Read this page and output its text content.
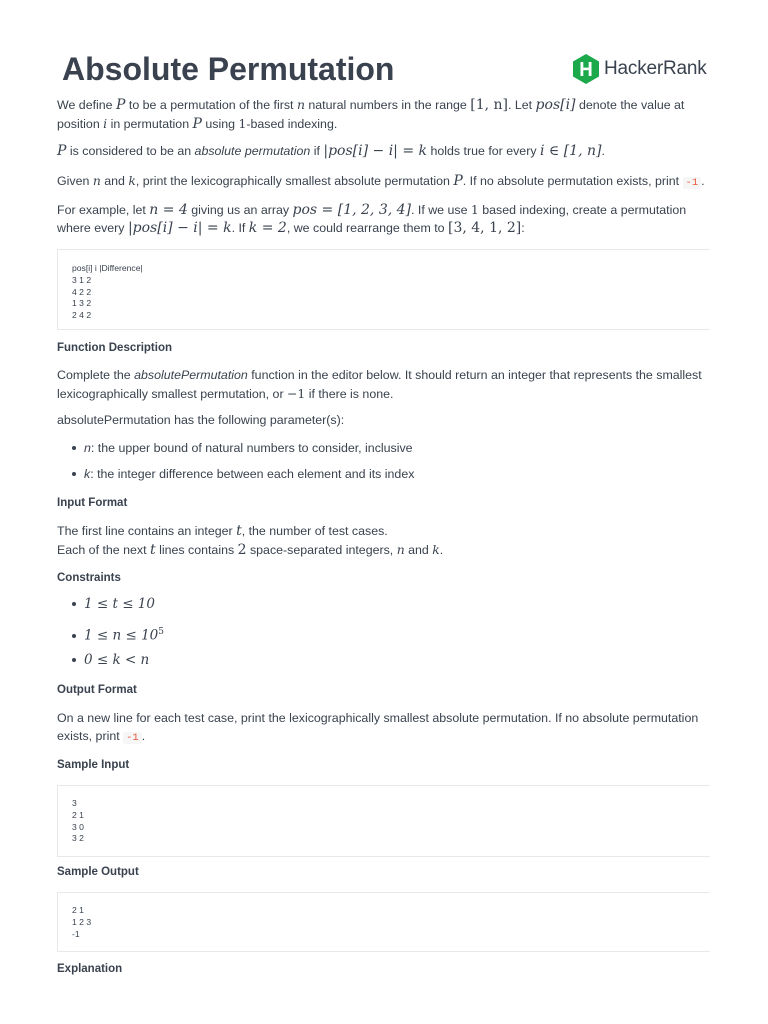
Absolute Permutation	HackerRank

We define P to be a permutation of the first n natural numbers in the range [1, n]. Let pos[i] denote the value at position i in permutation P using 1-based indexing.

P is considered to be an absolute permutation if |pos[i] − i| = k holds true for every i ∈ [1, n].

Given n and k, print the lexicographically smallest absolute permutation P. If no absolute permutation exists, print -1 .

For example, let n = 4 giving us an array pos = [1, 2, 3, 4]. If we use 1 based indexing, create a permutation where every |pos[i] − i| = k. If k = 2, we could rearrange them to [3, 4, 1, 2]:

pos[i] i |Difference|
3 1 2
4 2 2
1 3 2
2 4 2

Function Description

Complete the absolutePermutation function in the editor below. It should return an integer that represents the smallest lexicographically smallest permutation, or −1 if there is none.

absolutePermutation has the following parameter(s):

n: the upper bound of natural numbers to consider, inclusive

k: the integer difference between each element and its index

Input Format

The first line contains an integer t, the number of test cases.
Each of the next t lines contains 2 space-separated integers, n and k.

Constraints

1 ≤ t ≤ 10

$1 \le n \le 10^5$

0 ≤ k < n

Output Format

On a new line for each test case, print the lexicographically smallest absolute permutation. If no absolute permutation exists, print -1 .

Sample Input

3
2 1
3 0
3 2

Sample Output

2 1
1 2 3
-1

Explanation
